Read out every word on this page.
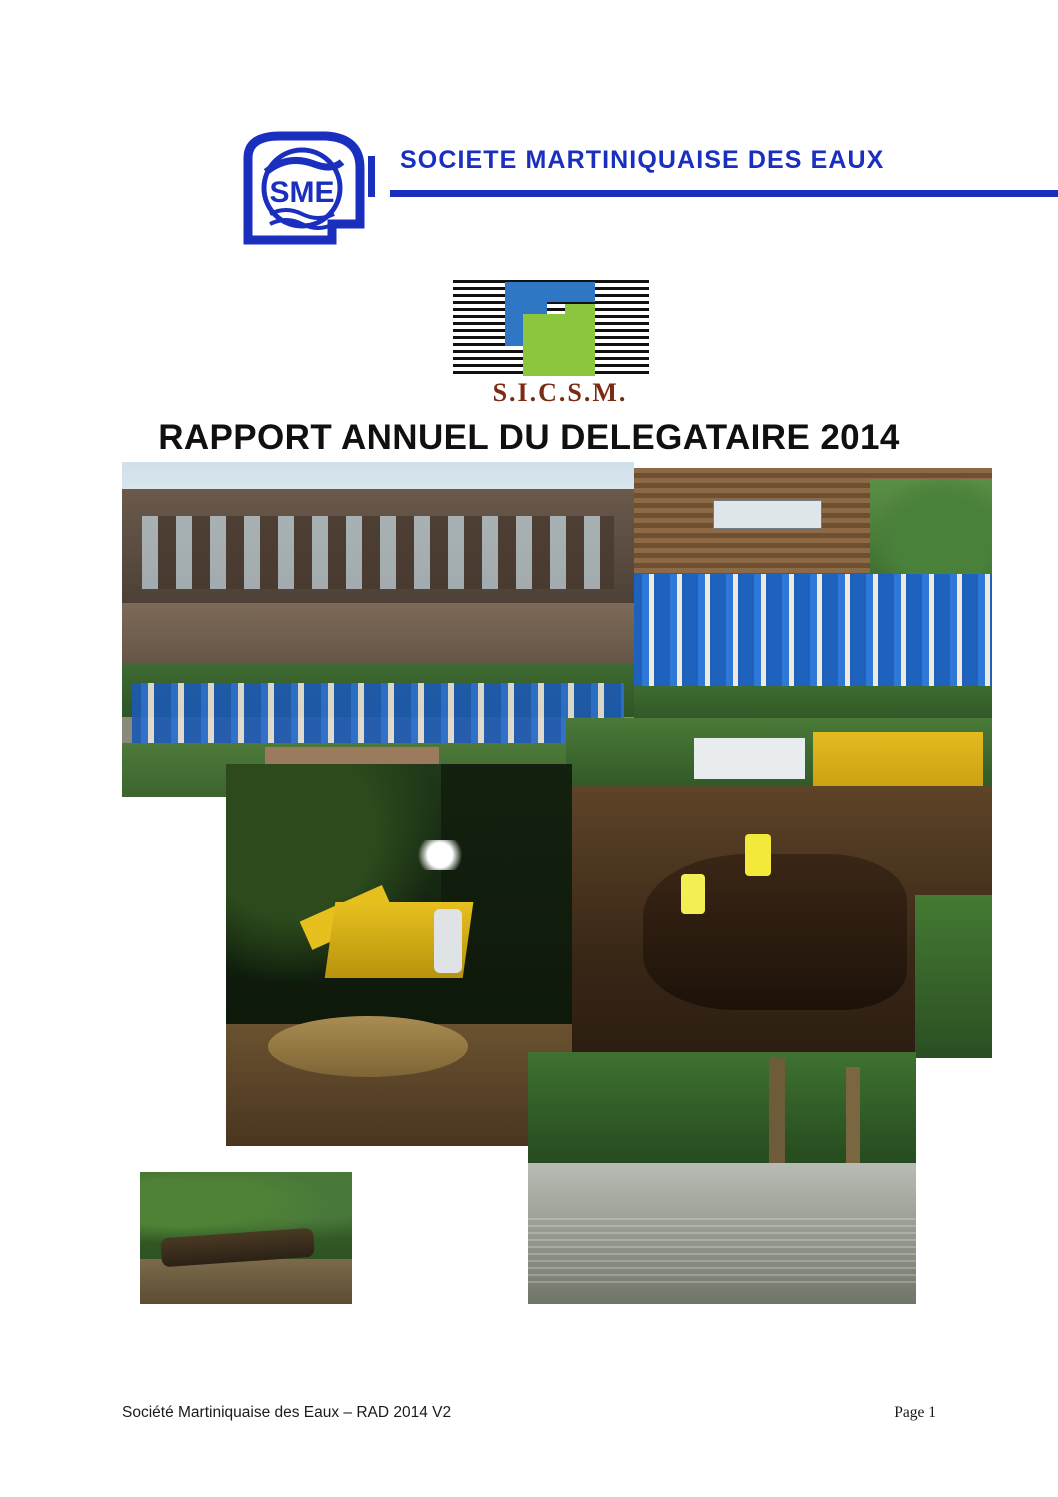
SME
SOCIETE MARTINIQUAISE DES EAUX
S.I.C.S.M.
RAPPORT ANNUEL DU DELEGATAIRE 2014
Société Martiniquaise des Eaux – RAD 2014 V2	Page 1
